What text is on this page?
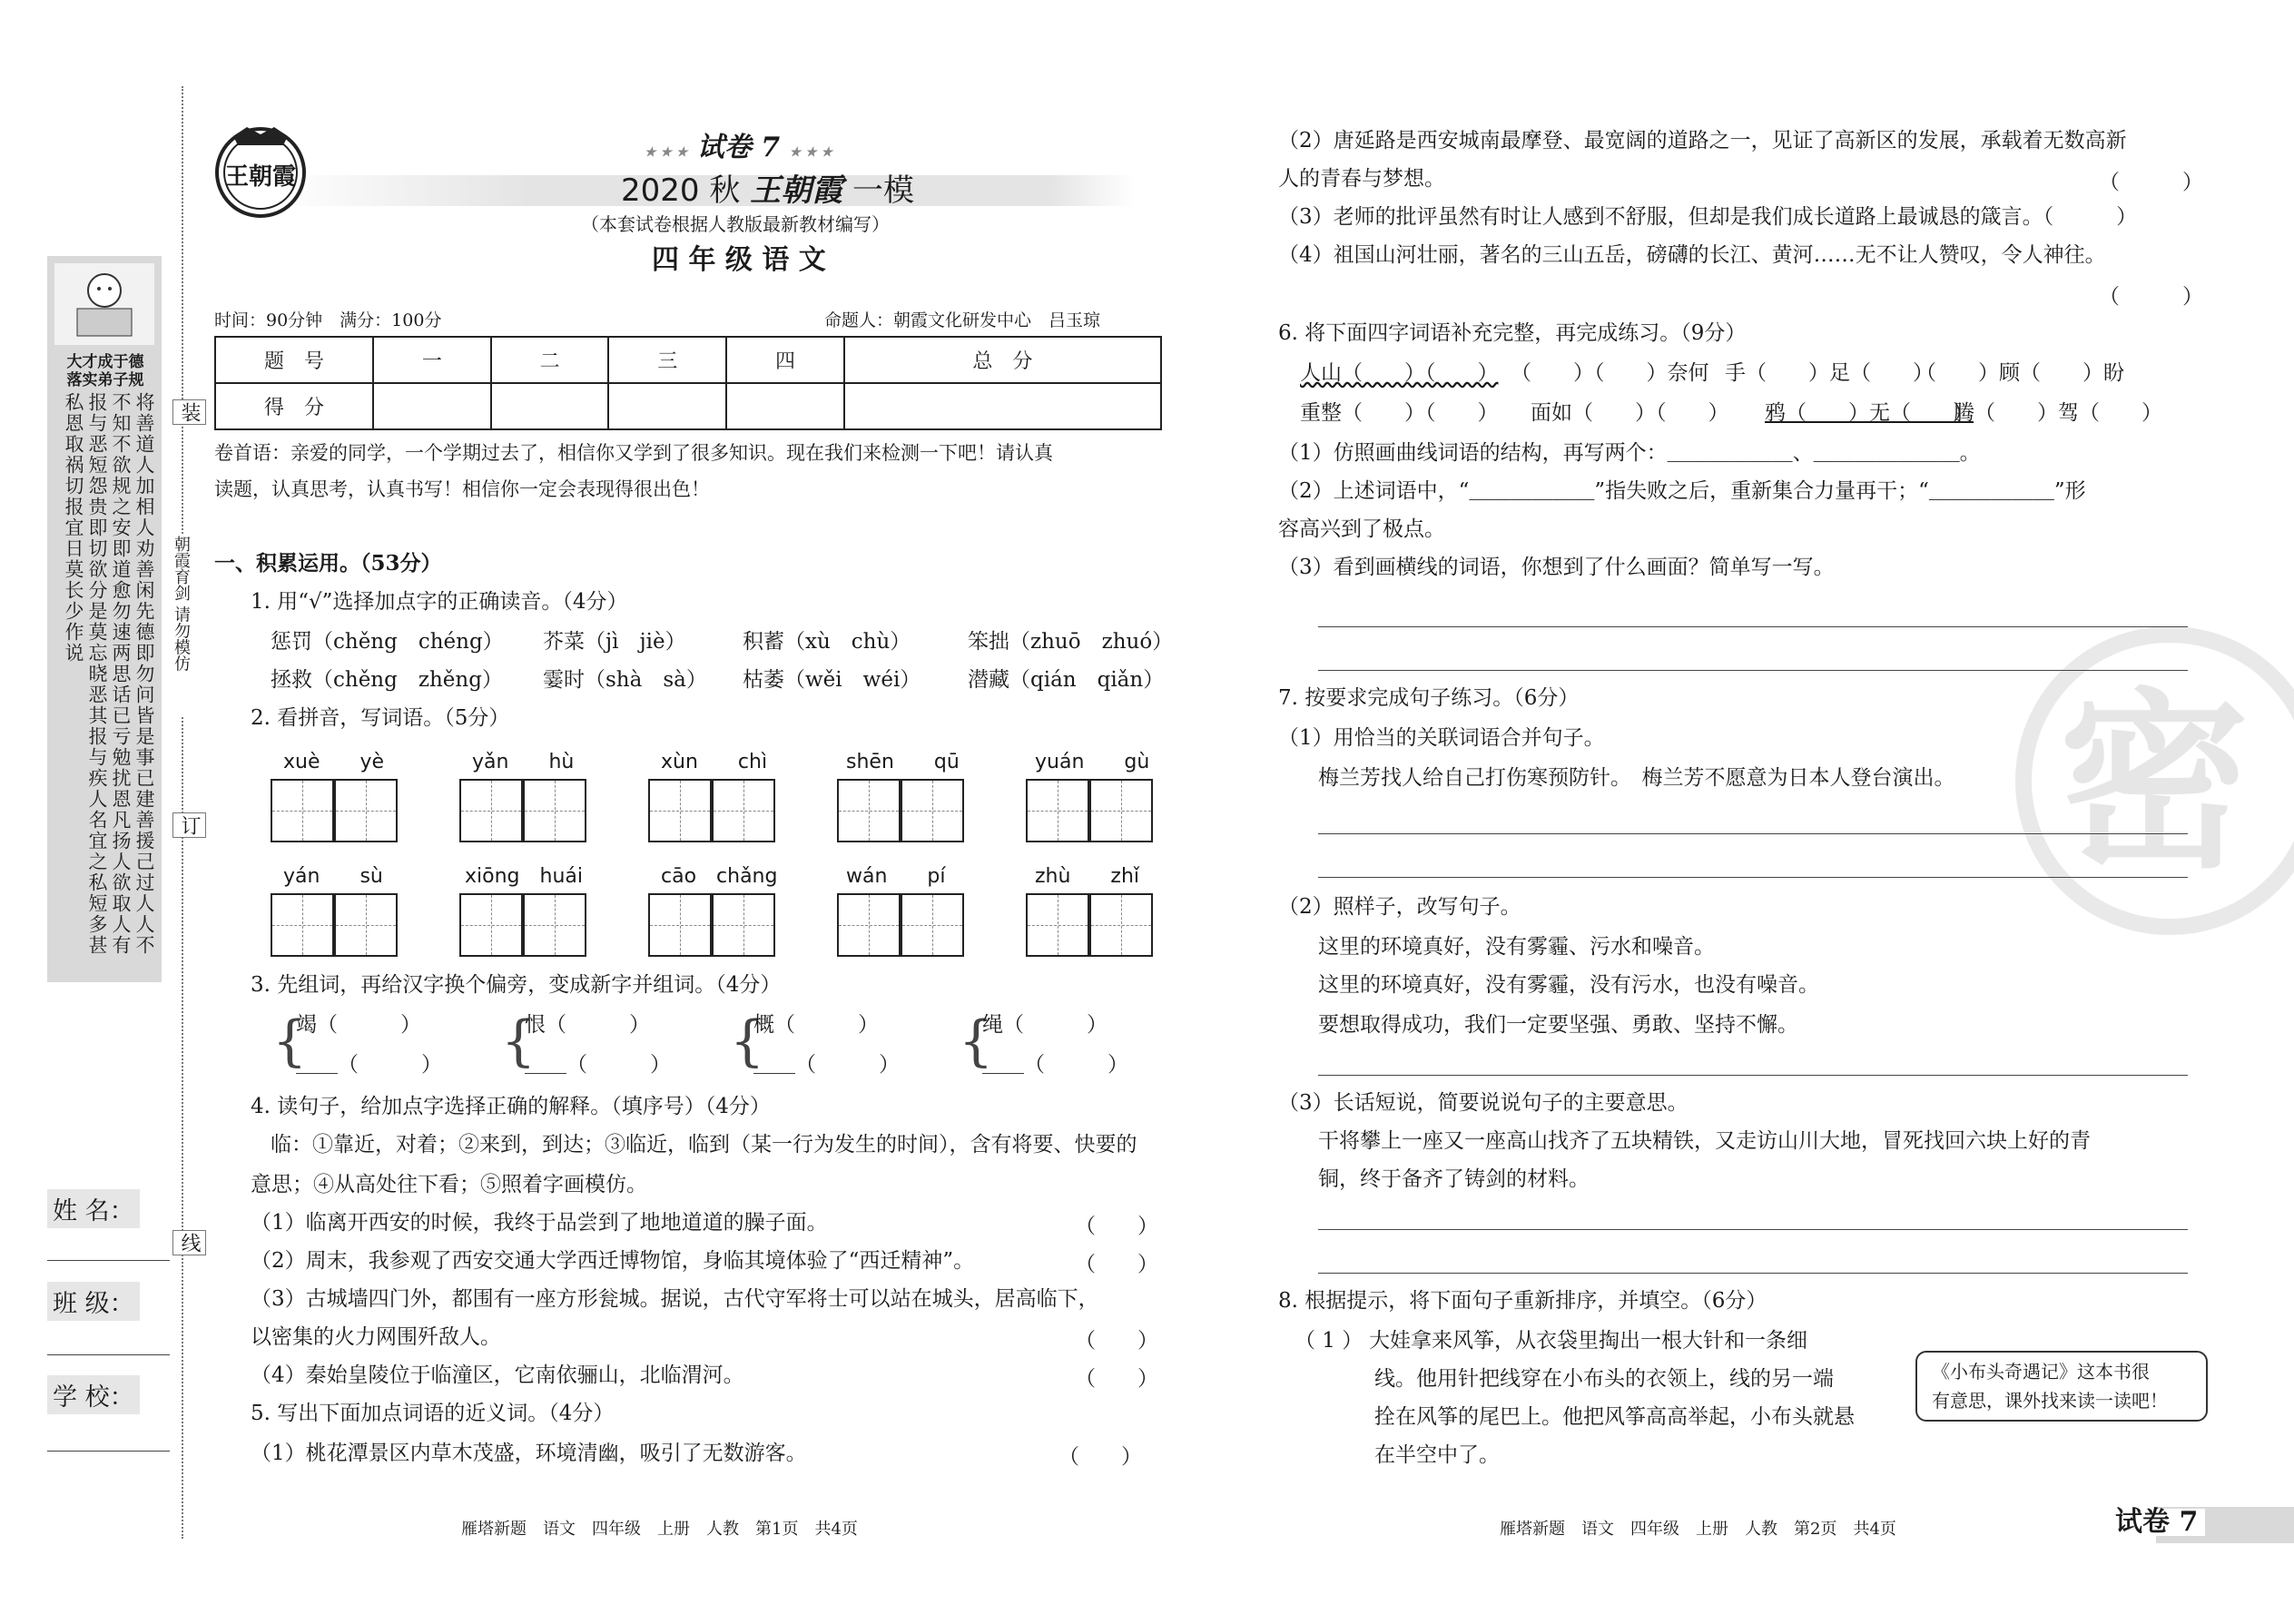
大才成于德
落实弟子规
将善道人加相人劝善闲先德即勿问皆是事已建善援己过人人不不知不欲规之安即道愈勿速两思话已亏勉扰恩凡扬人欲取人有报与恶短怨贵即切欲分是莫忘晓恶其报与疾人名宜之私短多甚私恩取祸切报宜日莫长少作说	装
朝霞育剑 请勿模仿
订
线
姓 名：
班 级：
学 校：
王朝霞
★ ★ ★ 试卷 7 ★ ★ ★
2020 秋 王朝霞 一模
（本套试卷根据人教版最新教材编写）
四 年 级 语 文
时间：90分钟　满分：100分	命题人：朝霞文化研发中心　吕玉琼
题　号	一	二	三	四	总　分
得　分					
卷首语：亲爱的同学，一个学期过去了，相信你又学到了很多知识。现在我们来检测一下吧！请认真
读题，认真思考，认真书写！相信你一定会表现得很出色！
一、积累运用。（53分）
1. 用“√”选择加点字的正确读音。（4分）
惩罚（chěng　chéng） 芥菜（jì　jiè）	积蓄（xù　chù）	笨拙（zhuō　zhuó）
拯救（chěng　zhěng） 霎时（shà　sà） 枯萎（wěi　wéi） 潜藏（qián　qiǎn）
2. 看拼音，写词语。（5分）
xuè　　yè	yǎn　　hù	xùn　　chì	shēn　　qū	yuán　　gù
yán　　sù	xiōng　huái	cāo　chǎng	wán　　pí	zhù　　zhǐ
3. 先组词，再给汉字换个偏旁，变成新字并组词。（4分）
{
竭（　　　）
＿＿（　　　） {
恨（　　　）
＿＿（　　　） {
概（　　　）
＿＿（　　　） {
绳（　　　）
＿＿（　　　）
4. 读句子，给加点字选择正确的解释。（填序号）（4分）
临：①靠近，对着；②来到，到达；③临近，临到（某一行为发生的时间），含有将要、快要的
意思；④从高处往下看；⑤照着字画模仿。
（1）临离开西安的时候，我终于品尝到了地地道道的臊子面。	（　　）
（2）周末，我参观了西安交通大学西迁博物馆，身临其境体验了“西迁精神”。	（　　）
（3）古城墙四门外，都围有一座方形瓮城。据说，古代守军将士可以站在城头，居高临下，
以密集的火力网围歼敌人。	（　　）
（4）秦始皇陵位于临潼区，它南依骊山，北临渭河。	（　　）
5. 写出下面加点词语的近义词。（4分）
（1）桃花潭景区内草木茂盛，环境清幽，吸引了无数游客。	（　　）
雁塔新题　语文　四年级　上册　人教　第1页　共4页
密
（2）唐延路是西安城南最摩登、最宽阔的道路之一，见证了高新区的发展，承载着无数高新
人的青春与梦想。	（　　　）
（3）老师的批评虽然有时让人感到不舒服，但却是我们成长道路上最诚恳的箴言。（　　　）
（4）祖国山河壮丽，著名的三山五岳，磅礴的长江、黄河……无不让人赞叹，令人神往。
（　　　）
6. 将下面四字词语补充完整，再完成练习。（9分）
人山（　　）（　　） （　　）（　　）奈何 手（　　）足（　　）
（　　）顾（　　）盼
重整（　　）（　　） 面如（　　）（　　） 鸦（　　）无（　　）
腾（　　）驾（　　）
（1）仿照画曲线词语的结构，再写两个：＿＿＿＿＿＿、＿＿＿＿＿＿＿。
（2）上述词语中，“＿＿＿＿＿＿”指失败之后，重新集合力量再干；“＿＿＿＿＿＿”形
容高兴到了极点。
（3）看到画横线的词语，你想到了什么画面？简单写一写。
7. 按要求完成句子练习。（6分）
（1）用恰当的关联词语合并句子。
梅兰芳找人给自己打伤寒预防针。　梅兰芳不愿意为日本人登台演出。
（2）照样子，改写句子。
这里的环境真好，没有雾霾、污水和噪音。
这里的环境真好，没有雾霾，没有污水，也没有噪音。
要想取得成功，我们一定要坚强、勇敢、坚持不懈。
（3）长话短说，简要说说句子的主要意思。
干将攀上一座又一座高山找齐了五块精铁，又走访山川大地，冒死找回六块上好的青
铜，终于备齐了铸剑的材料。
8. 根据提示，将下面句子重新排序，并填空。（6分）
（ 1 ） 大娃拿来风筝，从衣袋里掏出一根大针和一条细
线。他用针把线穿在小布头的衣领上，线的另一端
拴在风筝的尾巴上。他把风筝高高举起，小布头就悬
在半空中了。
《小布头奇遇记》这本书很
有意思，课外找来读一读吧！
雁塔新题　语文　四年级　上册　人教　第2页　共4页	试卷 7
